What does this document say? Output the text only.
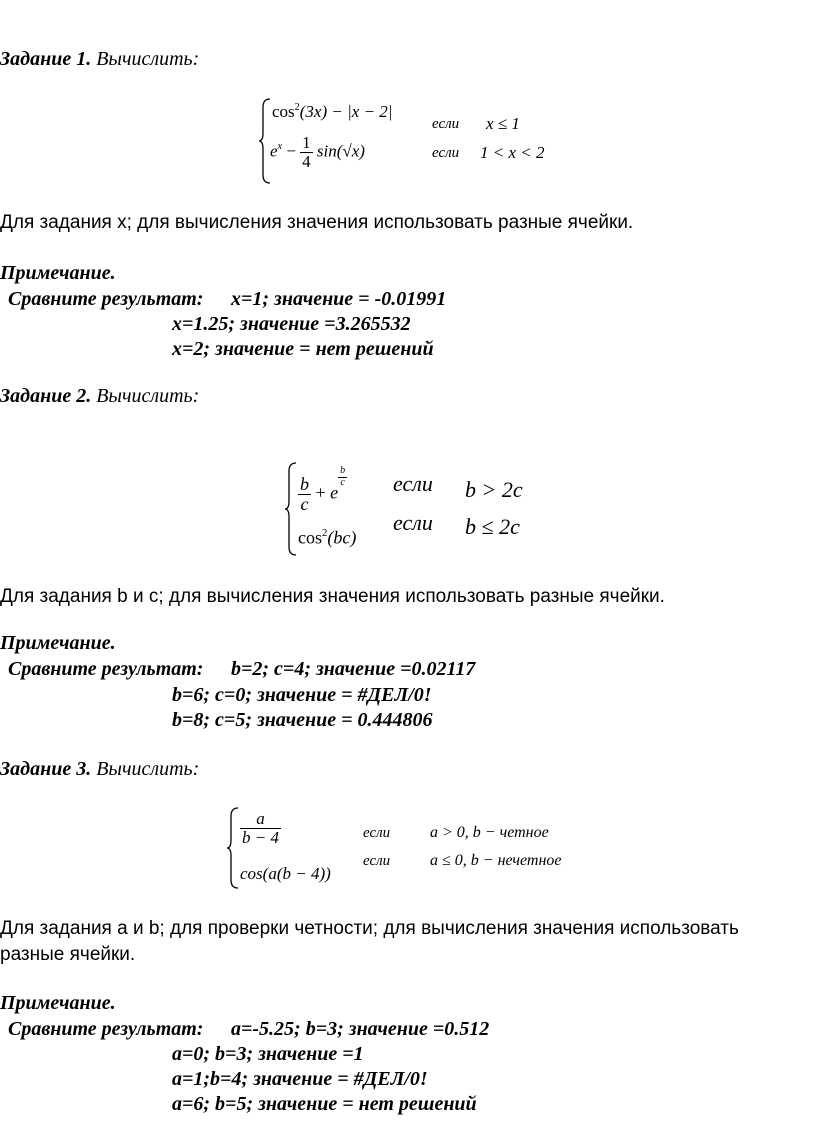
Задание 1. Вычислить:
$\cos^2(3x) - |x - 2|$
$e^x - \frac{1}{4} \sin(√x)$
если x ≤ 1
если 1 < x < 2
Для задания x; для вычисления значения использовать разные ячейки.
Примечание.
Сравните результат: x=1; значение = -0.01991
x=1.25; значение =3.265532
x=2; значение = нет решений
Задание 2. Вычислить:
$\frac{b}{c} + e$
$\frac{b}{c}$
$\cos^2(bc)$
если b > 2c
если b ≤ 2c
Для задания b и c; для вычисления значения использовать разные ячейки.
Примечание.
Сравните результат: b=2; c=4; значение =0.02117
b=6; c=0; значение = #ДЕЛ/0!
b=8; c=5; значение = 0.444806
Задание 3. Вычислить:
$\frac{a}{b - 4}$
cos(a(b − 4))
если a > 0, b − четное
если a ≤ 0, b − нечетное
Для задания a и b; для проверки четности; для вычисления значения использовать
разные ячейки.
Примечание.
Сравните результат: a=-5.25; b=3; значение =0.512
a=0; b=3; значение =1
a=1;b=4; значение = #ДЕЛ/0!
a=6; b=5; значение = нет решений
